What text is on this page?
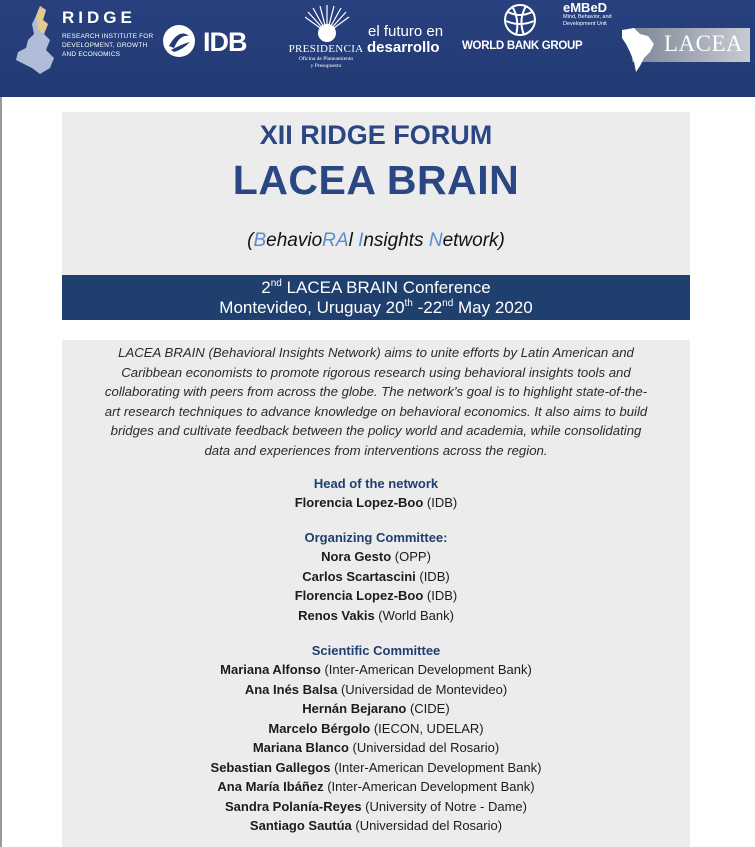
RIDGE
RESEARCH INSTITUTE FOR
DEVELOPMENT, GROWTH
AND ECONOMICS	IDB	PRESIDENCIA
Oficina de Planeamiento
y Presupuesto
el futuro en
desarrollo WORLD BANK GROUP
eMBeD
Mind, Behavior, and
Development Unit
LACEA
XII RIDGE FORUM
LACEA BRAIN
(BehavioRAl Insights Network)
2nd LACEA BRAIN Conference
Montevideo, Uruguay 20th -22nd May 2020
LACEA BRAIN (Behavioral Insights Network) aims to unite efforts by Latin American and
Caribbean economists to promote rigorous research using behavioral insights tools and
collaborating with peers from across the globe. The network’s goal is to highlight state-of-the-
art research techniques to advance knowledge on behavioral economics. It also aims to build
bridges and cultivate feedback between the policy world and academia, while consolidating
data and experiences from interventions across the region.
Head of the network
Florencia Lopez-Boo (IDB)
Organizing Committee:
Nora Gesto (OPP)
Carlos Scartascini (IDB)
Florencia Lopez-Boo (IDB)
Renos Vakis (World Bank)
Scientific Committee
Mariana Alfonso (Inter-American Development Bank)
Ana Inés Balsa (Universidad de Montevideo)
Hernán Bejarano (CIDE)
Marcelo Bérgolo (IECON, UDELAR)
Mariana Blanco (Universidad del Rosario)
Sebastian Gallegos (Inter-American Development Bank)
Ana María Ibáñez (Inter-American Development Bank)
Sandra Polanía-Reyes (University of Notre - Dame)
Santiago Sautúa (Universidad del Rosario)
